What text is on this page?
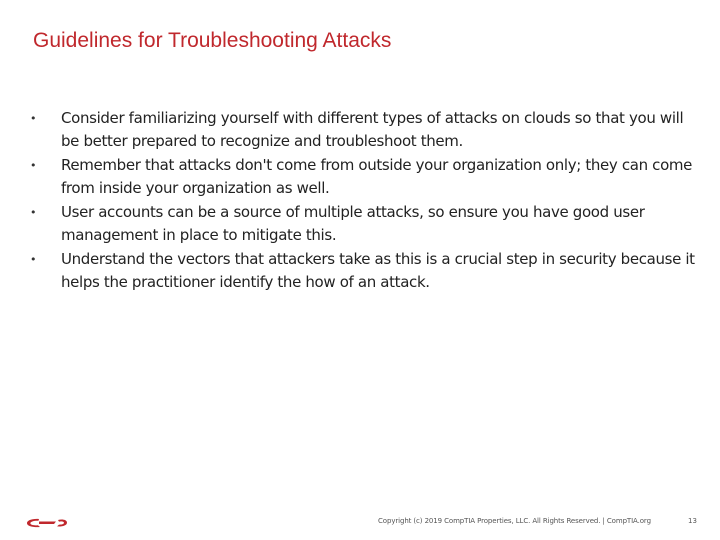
Guidelines for Troubleshooting Attacks
•	Consider familiarizing yourself with different types of attacks on clouds so that you will be better prepared to recognize and troubleshoot them.
•	Remember that attacks don't come from outside your organization only; they can come from inside your organization as well.
•	User accounts can be a source of multiple attacks, so ensure you have good user management in place to mitigate this.
•	Understand the vectors that attackers take as this is a crucial step in security because it helps the practitioner identify the how of an attack.
Copyright (c) 2019 CompTIA Properties, LLC. All Rights Reserved. | CompTIA.org	13
